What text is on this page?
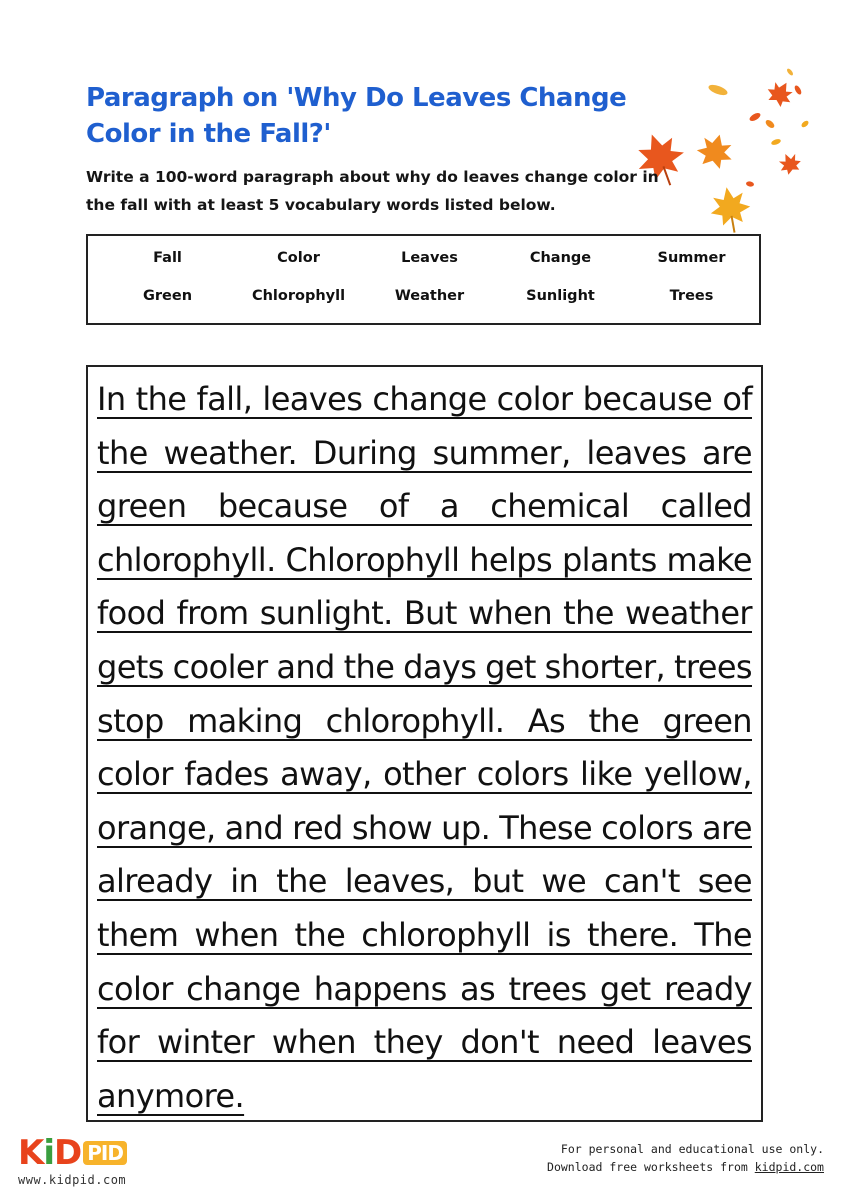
Paragraph on 'Why Do Leaves Change Color in the Fall?'
Write a 100-word paragraph about why do leaves change color in the fall with at least 5 vocabulary words listed below.
Fall	Color	Leaves	Change	Summer
Green	Chlorophyll	Weather	Sunlight	Trees
In the fall, leaves change color because of the weather. During summer, leaves are green because of a chemical called chlorophyll. Chlorophyll helps plants make food from sunlight. But when the weather gets cooler and the days get shorter, trees stop making chlorophyll. As the green color fades away, other colors like yellow, orange, and red show up. These colors are already in the leaves, but we can't see them when the chlorophyll is there. The color change happens as trees get ready for winter when they don't need leaves anymore.
KiD PID
www.kidpid.com
For personal and educational use only.
Download free worksheets from kidpid.com
